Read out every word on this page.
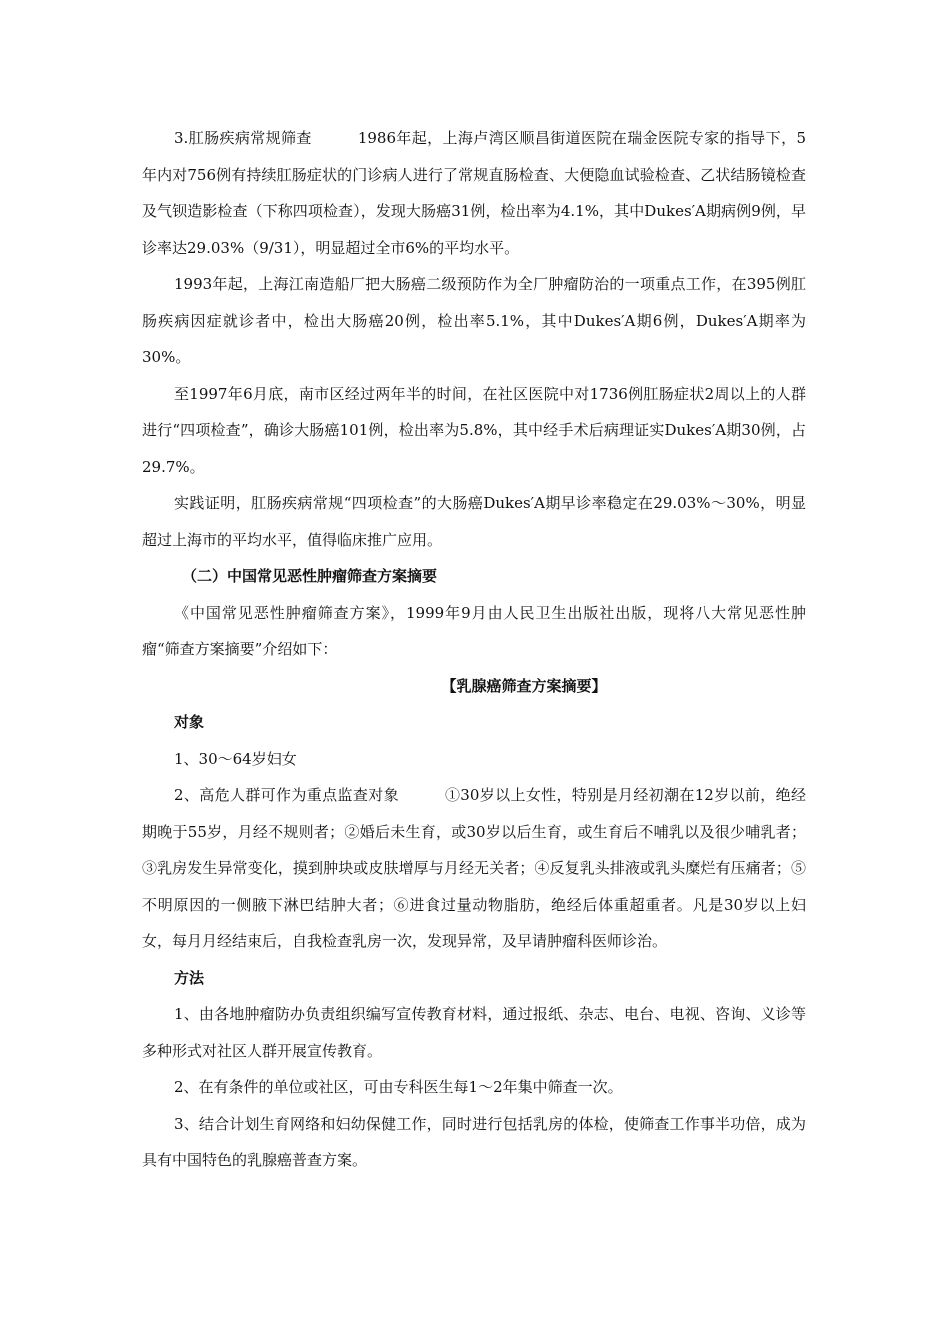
3.肛肠疾病常规筛查	1986年起，上海卢湾区顺昌街道医院在瑞金医院专家的指导下，5年内对756例有持续肛肠症状的门诊病人进行了常规直肠检查、大便隐血试验检查、乙状结肠镜检查及气钡造影检查（下称四项检查），发现大肠癌31例，检出率为4.1%，其中Dukes′A期病例9例，早诊率达29.03%（9/31），明显超过全市6%的平均水平。

1993年起，上海江南造船厂把大肠癌二级预防作为全厂肿瘤防治的一项重点工作，在395例肛肠疾病因症就诊者中，检出大肠癌20例，检出率5.1%，其中Dukes′A期6例，Dukes′A期率为30%。

至1997年6月底，南市区经过两年半的时间，在社区医院中对1736例肛肠症状2周以上的人群进行“四项检查”，确诊大肠癌101例，检出率为5.8%，其中经手术后病理证实Dukes′A期30例，占29.7%。

实践证明，肛肠疾病常规“四项检查”的大肠癌Dukes′A期早诊率稳定在29.03%～30%，明显超过上海市的平均水平，值得临床推广应用。

（二）中国常见恶性肿瘤筛查方案摘要

《中国常见恶性肿瘤筛查方案》，1999年9月由人民卫生出版社出版，现将八大常见恶性肿瘤“筛查方案摘要”介绍如下：

【乳腺癌筛查方案摘要】
对象

1、30～64岁妇女

2、高危人群可作为重点监查对象	①30岁以上女性，特别是月经初潮在12岁以前，绝经期晚于55岁，月经不规则者；②婚后未生育，或30岁以后生育，或生育后不哺乳以及很少哺乳者；③乳房发生异常变化，摸到肿块或皮肤增厚与月经无关者；④反复乳头排液或乳头糜烂有压痛者；⑤不明原因的一侧腋下淋巴结肿大者；⑥进食过量动物脂肪，绝经后体重超重者。凡是30岁以上妇女，每月月经结束后，自我检查乳房一次，发现异常，及早请肿瘤科医师诊治。

方法

1、由各地肿瘤防办负责组织编写宣传教育材料，通过报纸、杂志、电台、电视、咨询、义诊等多种形式对社区人群开展宣传教育。

2、在有条件的单位或社区，可由专科医生每1～2年集中筛查一次。

3、结合计划生育网络和妇幼保健工作，同时进行包括乳房的体检，使筛查工作事半功倍，成为具有中国特色的乳腺癌普查方案。
